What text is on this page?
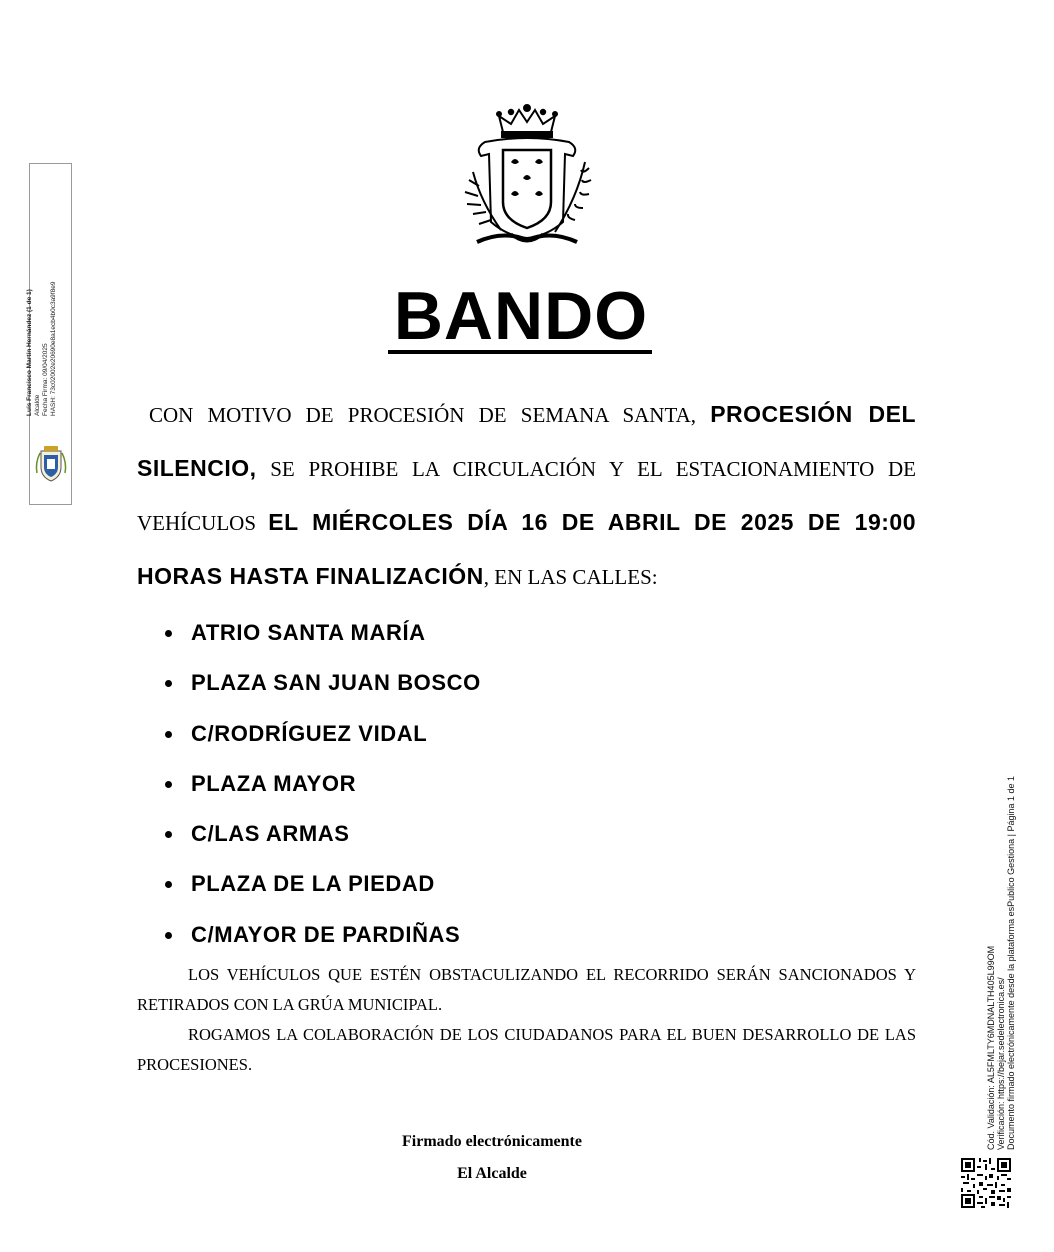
Luis Francisco Martín Hernández (1 de 1) Alcalde Fecha Firma: 09/04/2025 HASH: 73c02002e20690e8a1ecb4b0c3a9f8e9
Cód. Validación: AL5FMLTY6MDNALTH405L99OM Verificación: https://bejar.sedelectronica.es/ Documento firmado electrónicamente desde la plataforma esPublico Gestiona | Página 1 de 1
BANDO

CON MOTIVO DE PROCESIÓN DE SEMANA SANTA, PROCESIÓN DEL SILENCIO, SE PROHIBE LA CIRCULACIÓN Y EL ESTACIONAMIENTO DE VEHÍCULOS EL MIÉRCOLES DÍA 16 DE ABRIL DE 2025 DE 19:00 HORAS HASTA FINALIZACIÓN, EN LAS CALLES:

ATRIO SANTA MARÍA
PLAZA SAN JUAN BOSCO
C/RODRÍGUEZ VIDAL
PLAZA MAYOR
C/LAS ARMAS
PLAZA DE LA PIEDAD
C/MAYOR DE PARDIÑAS

LOS VEHÍCULOS QUE ESTÉN OBSTACULIZANDO EL RECORRIDO SERÁN SANCIONADOS Y RETIRADOS CON LA GRÚA MUNICIPAL.

ROGAMOS LA COLABORACIÓN DE LOS CIUDADANOS PARA EL BUEN DESARROLLO DE LAS PROCESIONES.

Firmado electrónicamente
El Alcalde
